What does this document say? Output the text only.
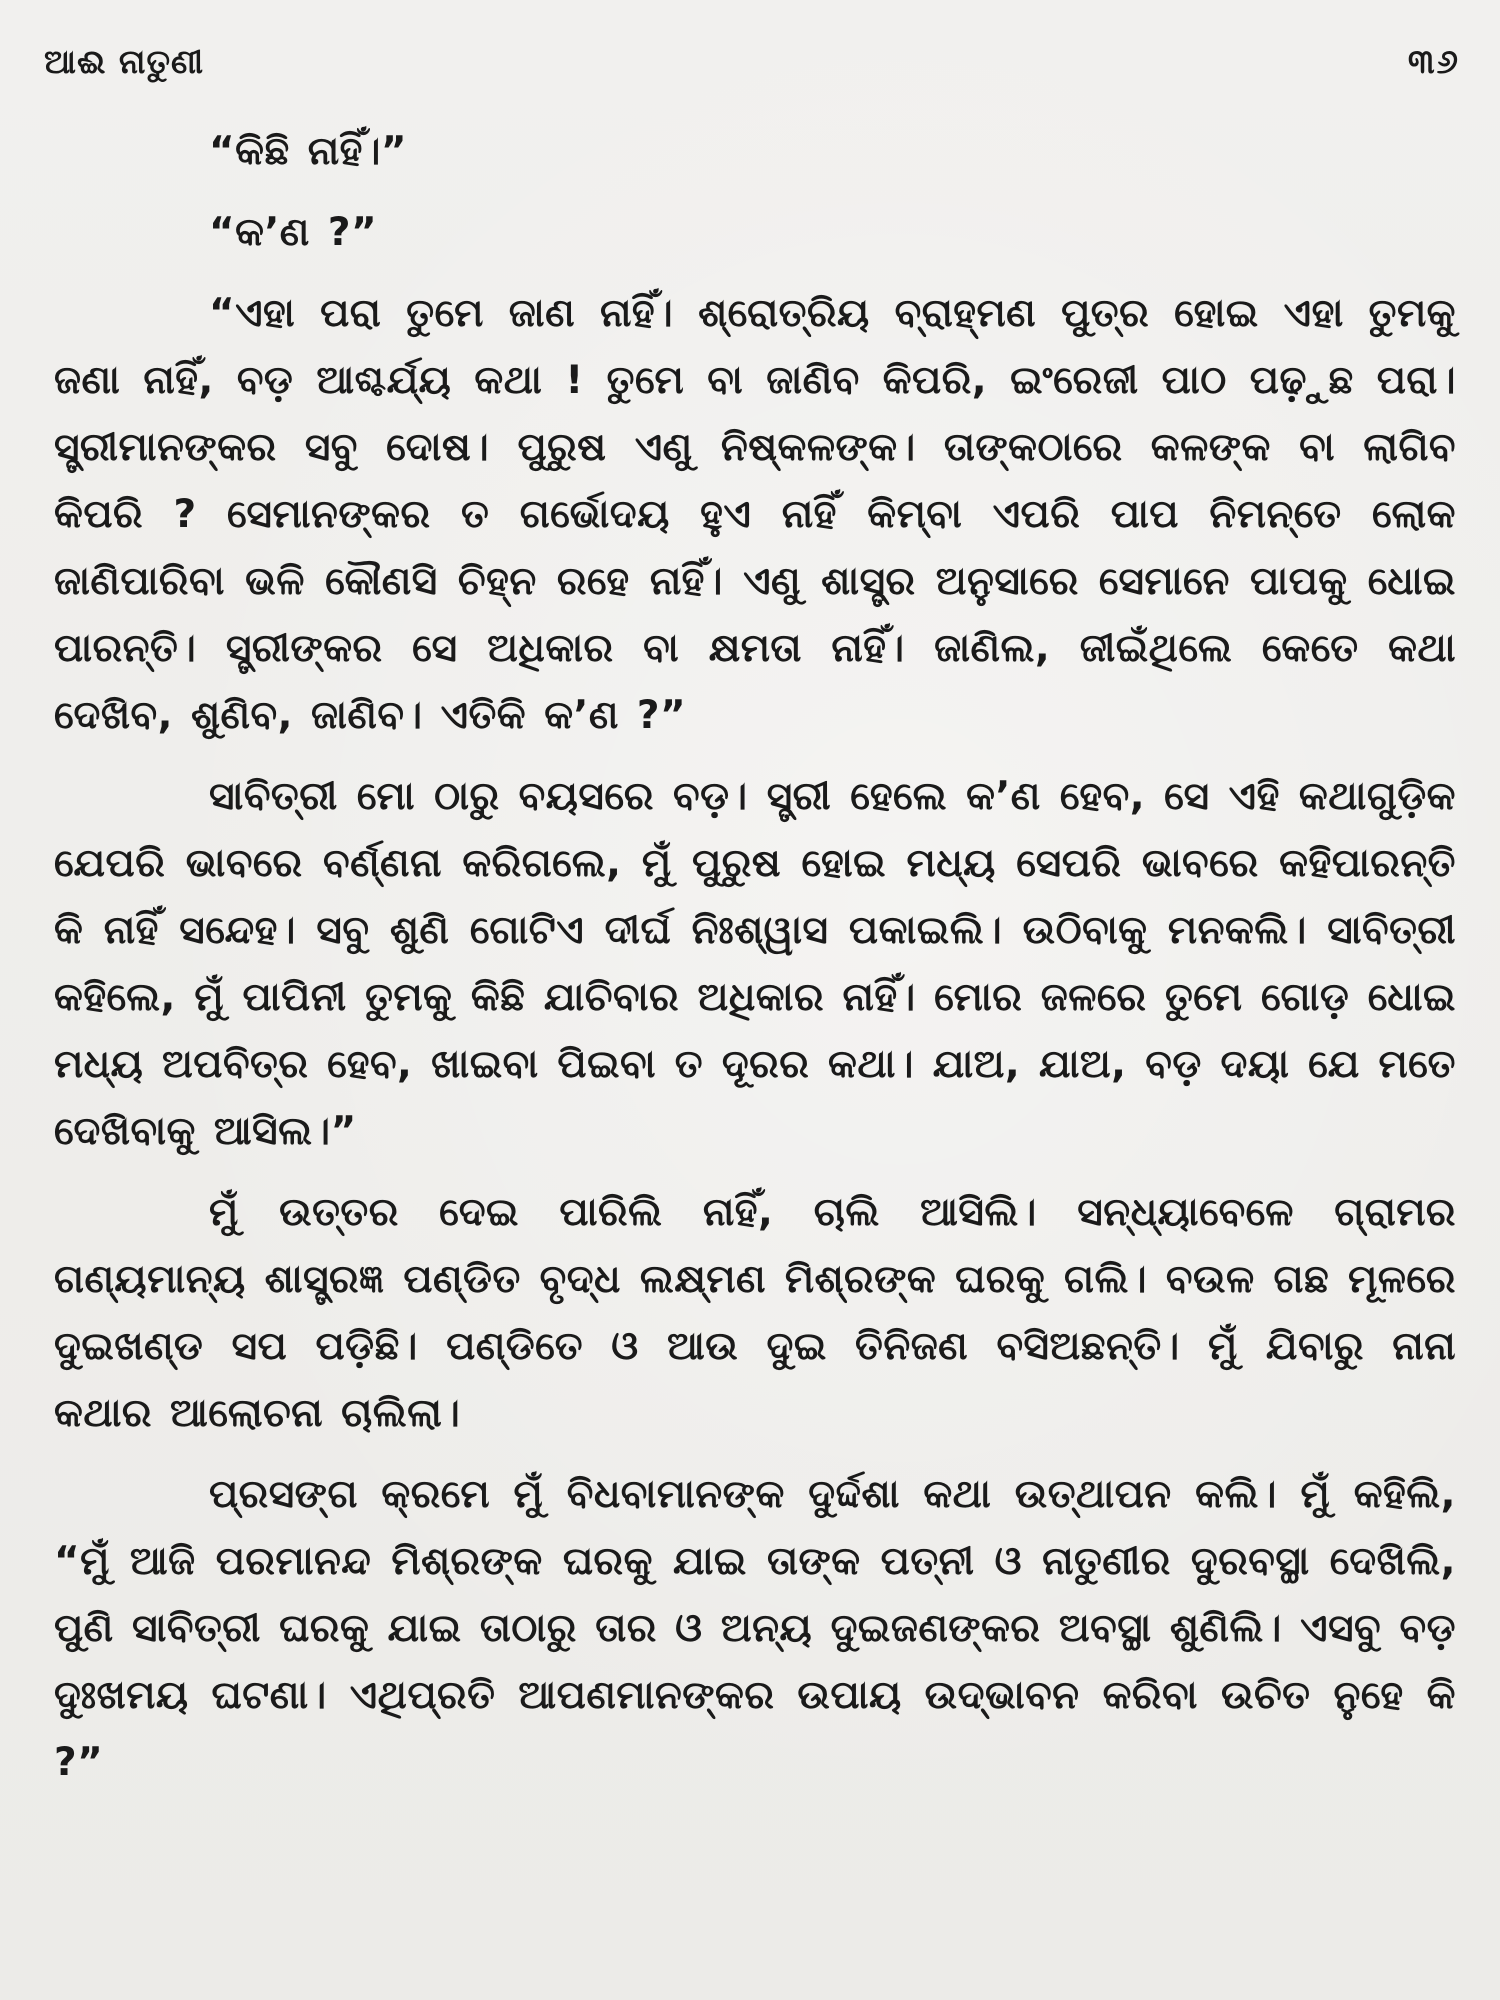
ଆଈ ନାତୁଣୀ	୩୬

“କିଛି ନାହିଁ।”

“କ’ଣ ?”

“ଏହା ପରା ତୁମେ ଜାଣ ନାହିଁ। ଶ୍ରୋତ୍ରିୟ ବ୍ରାହ୍ମଣ ପୁତ୍ର ହୋଇ ଏହା ତୁମକୁ ଜଣା ନାହିଁ, ବଡ଼ ଆଶ୍ଚର୍ଯ୍ୟ କଥା ! ତୁମେ ବା ଜାଣିବ କିପରି, ଇଂରେଜୀ ପାଠ ପଢ଼ୁଛ ପରା। ସ୍ତ୍ରୀମାନଙ୍କର ସବୁ ଦୋଷ। ପୁରୁଷ ଏଣୁ ନିଷ୍କଳଙ୍କ। ତାଙ୍କଠାରେ କଳଙ୍କ ବା ଲାଗିବ କିପରି ? ସେମାନଙ୍କର ତ ଗର୍ଭୋଦୟ ହୁଏ ନାହିଁ କିମ୍ବା ଏପରି ପାପ ନିମନ୍ତେ ଲୋକ ଜାଣିପାରିବା ଭଳି କୌଣସି ଚିହ୍ନ ରହେ ନାହିଁ। ଏଣୁ ଶାସ୍ତ୍ର ଅନୁସାରେ ସେମାନେ ପାପକୁ ଧୋଇ ପାରନ୍ତି। ସ୍ତ୍ରୀଙ୍କର ସେ ଅଧିକାର ବା କ୍ଷମତା ନାହିଁ। ଜାଣିଲ, ଜୀଇଁଥିଲେ କେତେ କଥା ଦେଖିବ, ଶୁଣିବ, ଜାଣିବ। ଏତିକି କ’ଣ ?”

ସାବିତ୍ରୀ ମୋ ଠାରୁ ବୟସରେ ବଡ଼। ସ୍ତ୍ରୀ ହେଲେ କ’ଣ ହେବ, ସେ ଏହି କଥାଗୁଡ଼ିକ ଯେପରି ଭାବରେ ବର୍ଣ୍ଣନା କରିଗଲେ, ମୁଁ ପୁରୁଷ ହୋଇ ମଧ୍ୟ ସେପରି ଭାବରେ କହିପାରନ୍ତି କି ନାହିଁ ସନ୍ଦେହ। ସବୁ ଶୁଣି ଗୋଟିଏ ଦୀର୍ଘ ନିଃଶ୍ୱାସ ପକାଇଲି। ଉଠିବାକୁ ମନକଲି। ସାବିତ୍ରୀ କହିଲେ, ମୁଁ ପାପିନୀ ତୁମକୁ କିଛି ଯାଚିବାର ଅଧିକାର ନାହିଁ। ମୋର ଜଳରେ ତୁମେ ଗୋଡ଼ ଧୋଇ ମଧ୍ୟ ଅପବିତ୍ର ହେବ, ଖାଇବା ପିଇବା ତ ଦୂରର କଥା। ଯାଅ, ଯାଅ, ବଡ଼ ଦୟା ଯେ ମତେ ଦେଖିବାକୁ ଆସିଲ।”

ମୁଁ ଉତ୍ତର ଦେଇ ପାରିଲି ନାହିଁ, ଚାଲି ଆସିଲି। ସନ୍ଧ୍ୟାବେଳେ ଗ୍ରାମର ଗଣ୍ୟମାନ୍ୟ ଶାସ୍ତ୍ରଜ୍ଞ ପଣ୍ଡିତ ବୃଦ୍ଧ ଲକ୍ଷ୍ମଣ ମିଶ୍ରଙ୍କ ଘରକୁ ଗଲି। ବଉଳ ଗଛ ମୂଳରେ ଦୁଇଖଣ୍ଡ ସପ ପଡ଼ିଛି। ପଣ୍ଡିତେ ଓ ଆଉ ଦୁଇ ତିନିଜଣ ବସିଅଛନ୍ତି। ମୁଁ ଯିବାରୁ ନାନା କଥାର ଆଲୋଚନା ଚାଲିଲା।

ପ୍ରସଙ୍ଗ କ୍ରମେ ମୁଁ ବିଧବାମାନଙ୍କ ଦୁର୍ଦ୍ଦଶା କଥା ଉତ୍‌ଥାପନ କଲି। ମୁଁ କହିଲି, “ମୁଁ ଆଜି ପରମାନନ୍ଦ ମିଶ୍ରଙ୍କ ଘରକୁ ଯାଇ ତାଙ୍କ ପତ୍ନୀ ଓ ନାତୁଣୀର ଦୁରବସ୍ଥା ଦେଖିଲି, ପୁଣି ସାବିତ୍ରୀ ଘରକୁ ଯାଇ ତାଠାରୁ ତାର ଓ ଅନ୍ୟ ଦୁଇଜଣଙ୍କର ଅବସ୍ଥା ଶୁଣିଲି। ଏସବୁ ବଡ଼ ଦୁଃଖମୟ ଘଟଣା। ଏଥିପ୍ରତି ଆପଣମାନଙ୍କର ଉପାୟ ଉଦ୍ଭାବନ କରିବା ଉଚିତ ନୁହେ କି ?”
